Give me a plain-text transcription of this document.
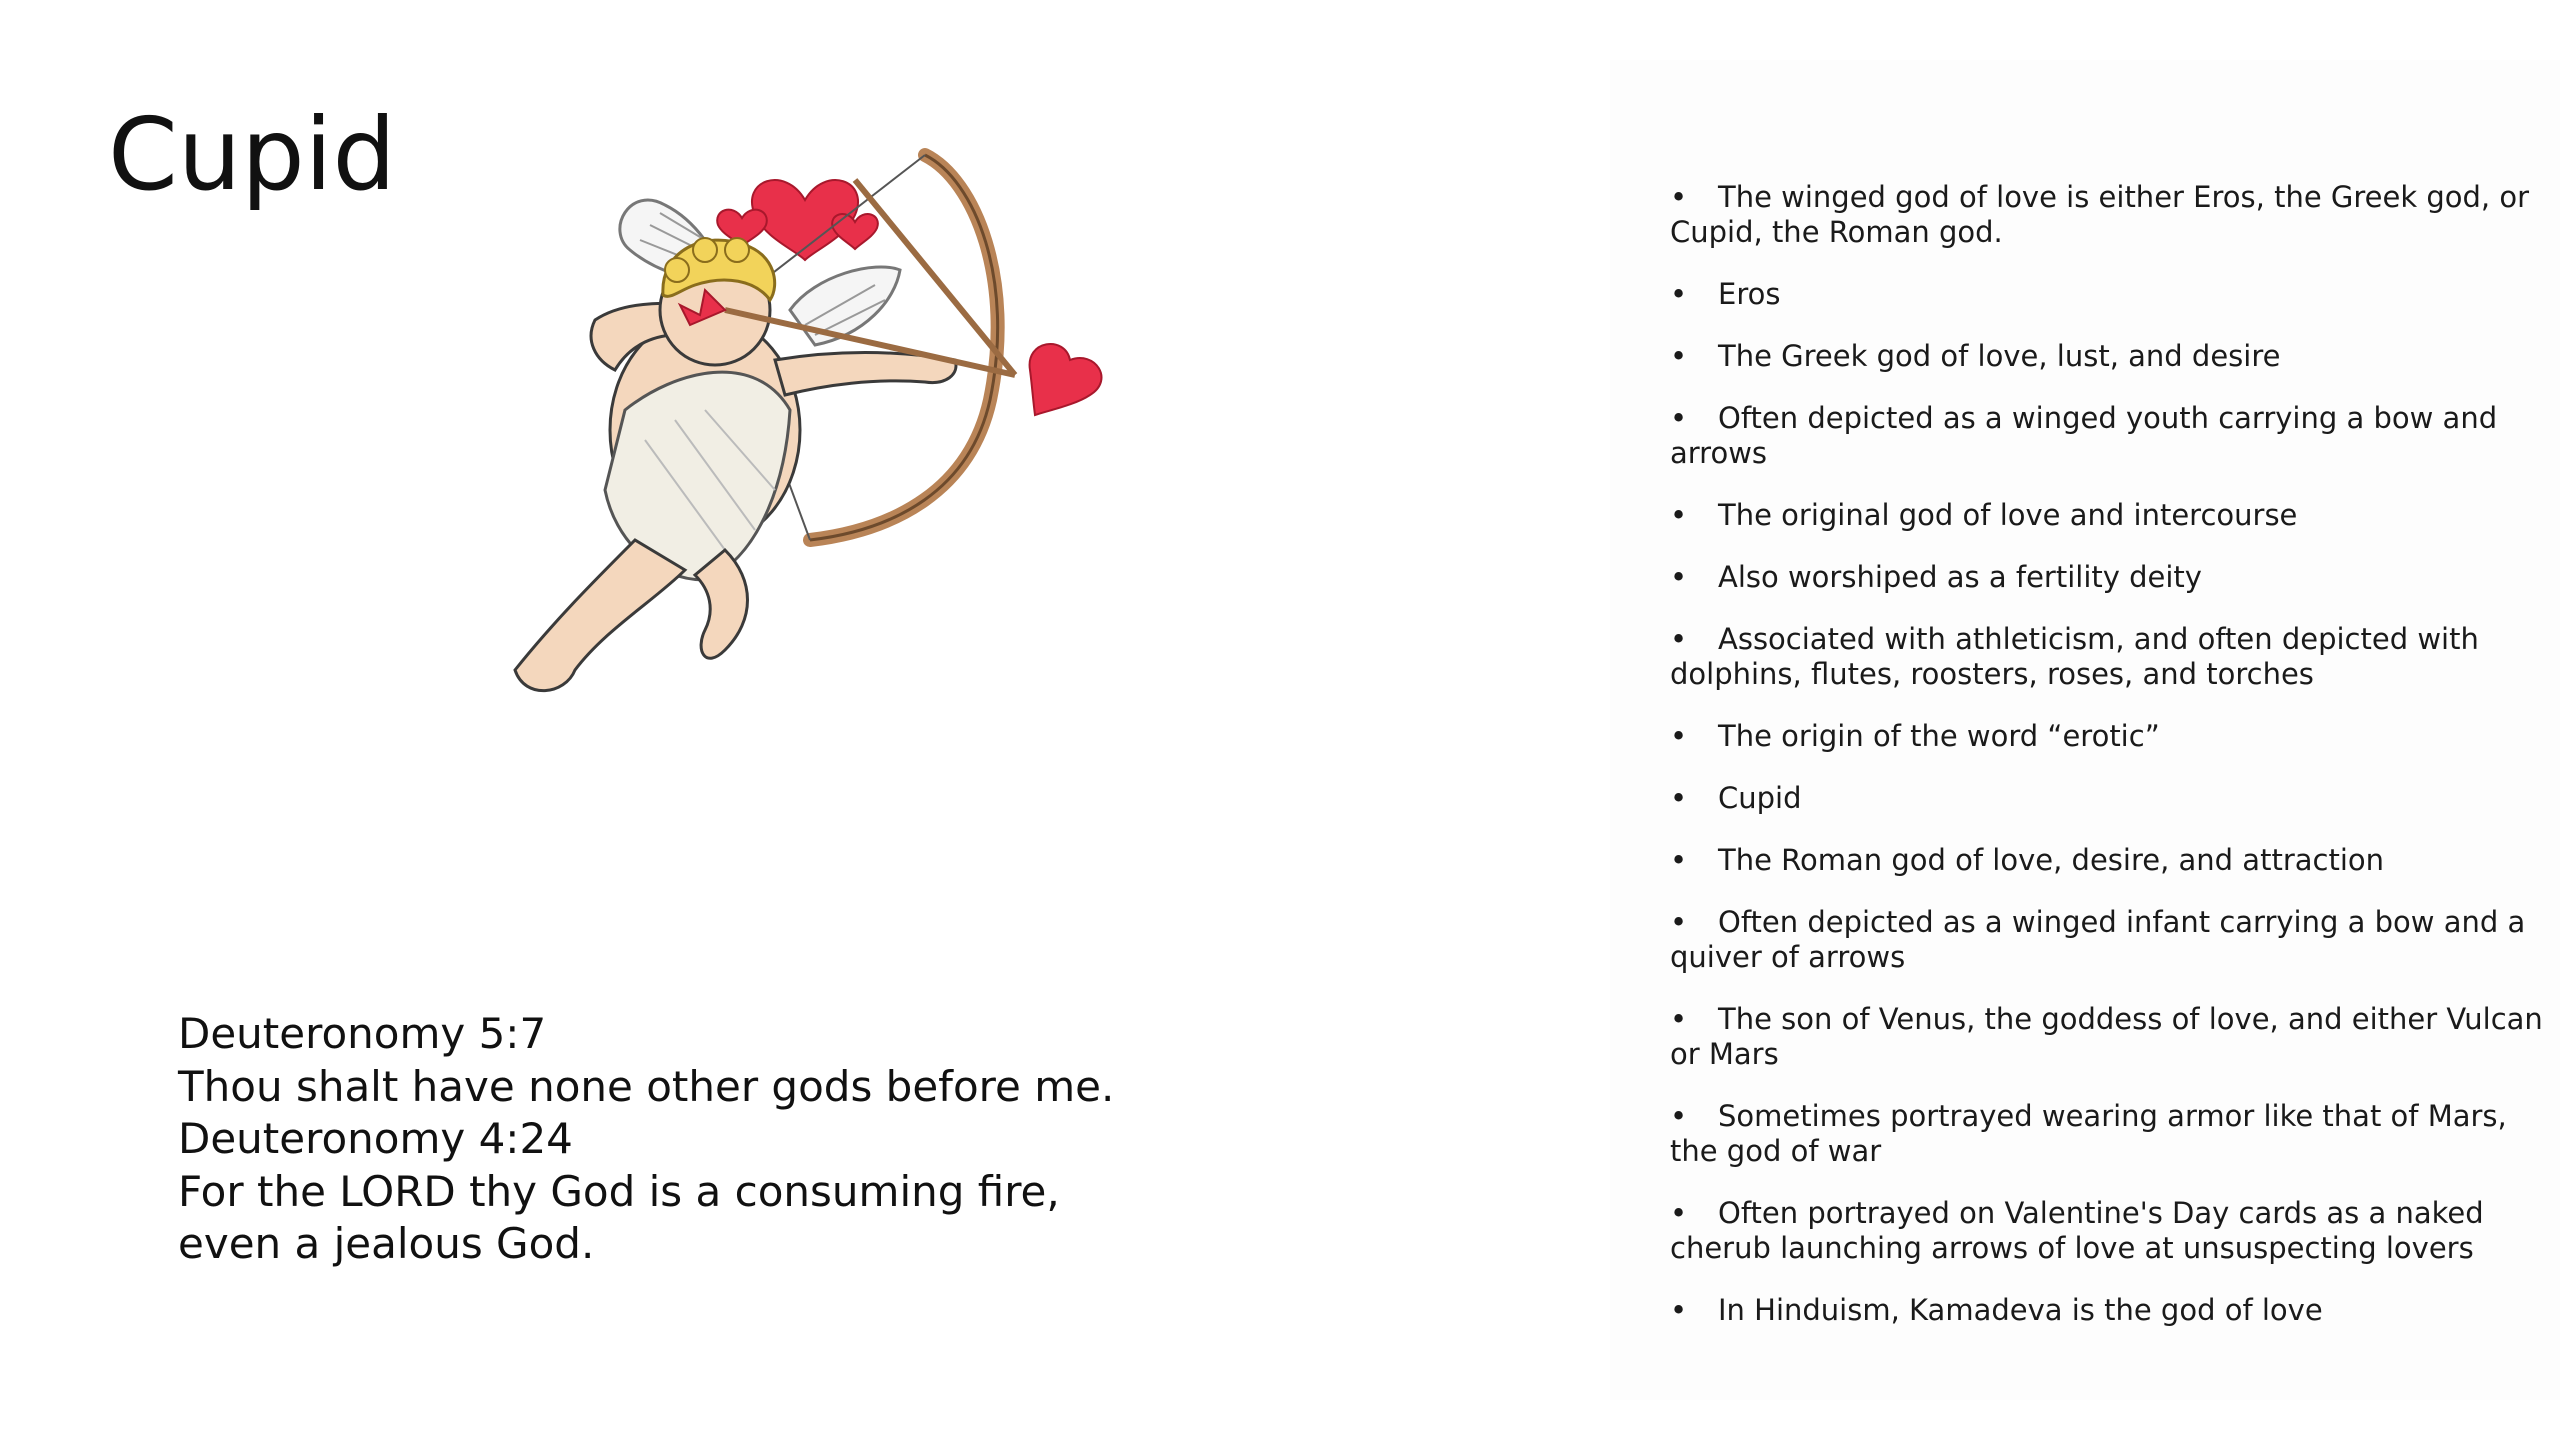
Cupid
Deuteronomy 5:7
Thou shalt have none other gods before me.
Deuteronomy 4:24
For the LORD thy God is a consuming fire,
even a jealous God.
• The winged god of love is either Eros, the Greek god, or Cupid, the Roman god.
• Eros
• The Greek god of love, lust, and desire
• Often depicted as a winged youth carrying a bow and arrows
• The original god of love and intercourse
• Also worshiped as a fertility deity
• Associated with athleticism, and often depicted with dolphins, flutes, roosters, roses, and torches
• The origin of the word “erotic”
• Cupid
• The Roman god of love, desire, and attraction
• Often depicted as a winged infant carrying a bow and a quiver of arrows
• The son of Venus, the goddess of love, and either Vulcan or Mars
• Sometimes portrayed wearing armor like that of Mars, the god of war
• Often portrayed on Valentine's Day cards as a naked cherub launching arrows of love at unsuspecting lovers
• In Hinduism, Kamadeva is the god of love
